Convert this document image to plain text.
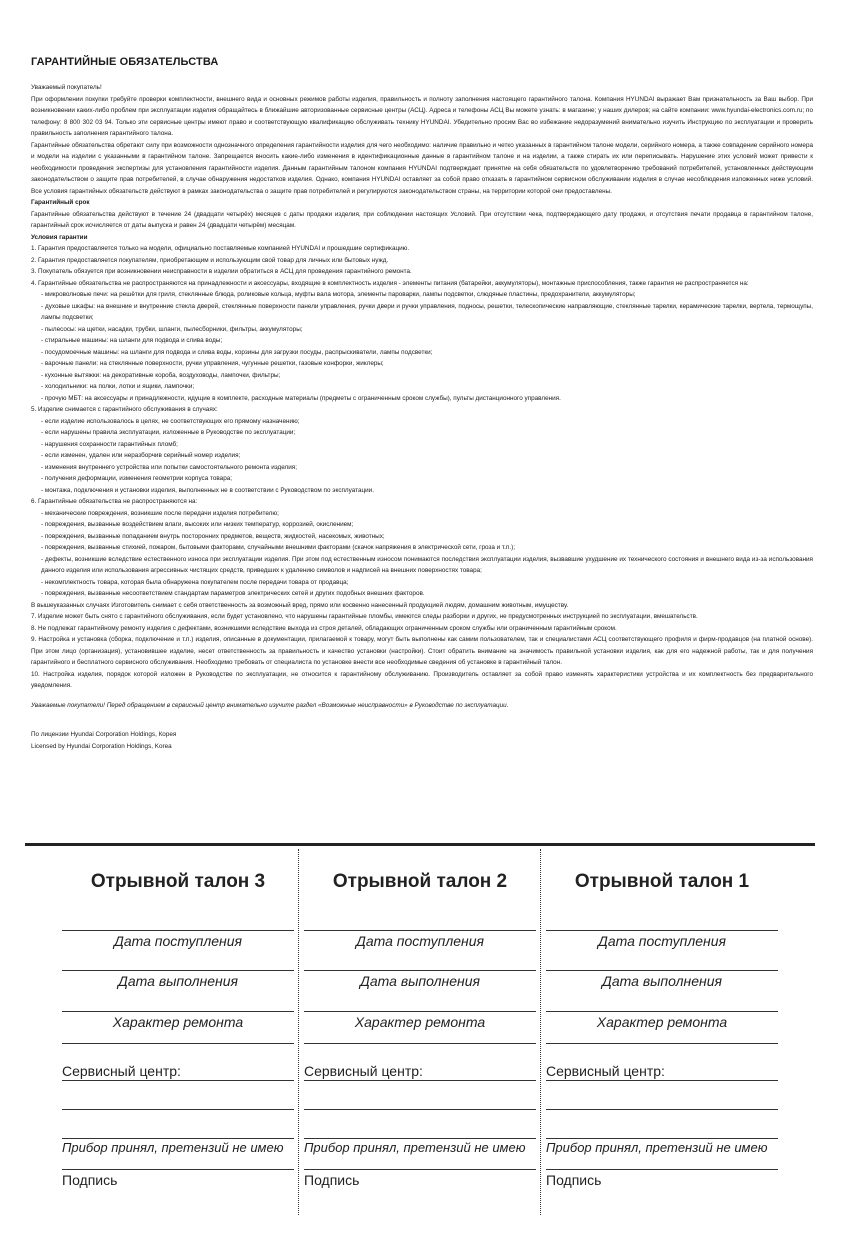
ГАРАНТИЙНЫЕ ОБЯЗАТЕЛЬСТВА

Уважаемый покупатель!

При оформлении покупки требуйте проверки комплектности, внешнего вида и основных режимов работы изделия, правильность и полноту заполнения настоящего гарантийного талона. Компания HYUNDAI выражает Вам признательность за Ваш выбор. При возникновении каких-либо проблем при эксплуатации изделия обращайтесь в ближайшие авторизованные сервисные центры (АСЦ). Адреса и телефоны АСЦ Вы можете узнать: в магазине; у наших дилеров; на сайте компании: www.hyundai-electronics.com.ru; по телефону: 8 800 302 03 94. Только эти сервисные центры имеют право и соответствующую квалификацию обслуживать технику HYUNDAI. Убедительно просим Вас во избежание недоразумений внимательно изучить Инструкцию по эксплуатации и проверить правильность заполнения гарантийного талона.

Гарантийные обязательства обретают силу при возможности однозначного определения гарантийности изделия для чего необходимо: наличие правильно и четко указанных в гарантийном талоне модели, серийного номера, а также совпадение серийного номера и модели на изделии с указанными в гарантийном талоне. Запрещается вносить какие-либо изменения в идентификационные данные в гарантийном талоне и на изделии, а также стирать их или переписывать. Нарушение этих условий может привести к необходимости проведения экспертизы для установления гарантийности изделия. Данным гарантийным талоном компания HYUNDAI подтверждает принятие на себя обязательств по удовлетворению требований потребителей, установленных действующим законодательством о защите прав потребителей, в случае обнаружения недостатков изделия. Однако, компания HYUNDAI оставляет за собой право отказать в гарантийном сервисном обслуживании изделия в случае несоблюдения изложенных ниже условий. Все условия гарантийных обязательств действуют в рамках законодательства о защите прав потребителей и регулируются законодательством страны, на территории которой они предоставлены.

Гарантийный срок

Гарантийные обязательства действуют в течение 24 (двадцати четырёх) месяцев с даты продажи изделия, при соблюдении настоящих Условий. При отсутствии чека, подтверждающего дату продажи, и отсутствия печати продавца в гарантийном талоне, гарантийный срок исчисляется от даты выпуска и равен 24 (двадцати четырём) месяцам.

Условия гарантии

1. Гарантия предоставляется только на модели, официально поставляемые компанией HYUNDAI и прошедшие сертификацию.

2. Гарантия предоставляется покупателям, приобретающим и использующим свой товар для личных или бытовых нужд.

3. Покупатель обязуется при возникновении неисправности в изделии обратиться в АСЦ для проведения гарантийного ремонта.

4. Гарантийные обязательства не распространяются на принадлежности и аксессуары, входящие в комплектность изделия - элементы питания (батарейки, аккумуляторы), монтажные приспособления, также гарантия не распространяется на:

- микроволновые печи: на решётки для гриля, стеклянные блюда, роликовые кольца, муфты вала мотора, элементы пароварки, лампы подсветки, слюдяные пластины, предохранители, аккумуляторы;

- духовые шкафы: на внешние и внутренние стекла дверей, стеклянные поверхности панели управления, ручки двери и ручки управления, подносы, решетки, телескопические направляющие, стеклянные тарелки, керамические тарелки, вертела, термощупы, лампы подсветки;

- пылесосы: на щетки, насадки, трубки, шланги, пылесборники, фильтры, аккумуляторы;

- стиральные машины: на шланги для подвода и слива воды;

- посудомоечные машины: на шланги для подвода и слива воды, корзины для загрузки посуды, распрыскиватели, лампы подсветки;

- варочные панели: на стеклянные поверхности, ручки управления, чугунные решетки, газовые конфорки, жиклеры;

- кухонные вытяжки: на декоративные короба, воздуховоды, лампочки, фильтры;

- холодильники: на полки, лотки и ящики, лампочки;

- прочую МБТ: на аксессуары и принадлежности, идущие в комплекте, расходные материалы (предметы с ограниченным сроком службы), пульты дистанционного управления.

5. Изделие снимается с гарантийного обслуживания в случаях:

- если изделие использовалось в целях, не соответствующих его прямому назначению;

- если нарушены правила эксплуатации, изложенные в Руководстве по эксплуатации;

- нарушения сохранности гарантийных пломб;

- если изменен, удален или неразборчив серийный номер изделия;

- изменения внутреннего устройства или попытки самостоятельного ремонта изделия;

- получения деформации, изменения геометрии корпуса товара;

- монтажа, подключения и установки изделия, выполненных не в соответствии с Руководством по эксплуатации.

6. Гарантийные обязательства не распространяются на:

- механические повреждения, возникшие после передачи изделия потребителю;

- повреждения, вызванные воздействием влаги, высоких или низких температур, коррозией, окислением;

- повреждения, вызванные попаданием внутрь посторонних предметов, веществ, жидкостей, насекомых, животных;

- повреждения, вызванные стихией, пожаром, бытовыми факторами, случайными внешними факторами (скачок напряжения в электрической сети, гроза и т.п.);

- дефекты, возникшие вследствие естественного износа при эксплуатации изделия. При этом под естественным износом понимаются последствия эксплуатации изделия, вызвавшие ухудшение их технического состояния и внешнего вида из-за использования данного изделия или использования агрессивных чистящих средств, приведших к удалению символов и надписей на внешних поверхностях товара;

- некомплектность товара, которая была обнаружена покупателем после передачи товара от продавца;

- повреждения, вызванные несоответствием стандартам параметров электрических сетей и других подобных внешних факторов.

В вышеуказанных случаях Изготовитель снимает с себя ответственность за возможный вред, прямо или косвенно нанесенный продукцией людям, домашним животным, имуществу.

7. Изделие может быть снято с гарантийного обслуживания, если будет установлено, что нарушены гарантийные пломбы, имеются следы разборки и других, не предусмотренных инструкцией по эксплуатации, вмешательств.

8. Не подлежат гарантийному ремонту изделия с дефектами, возникшими вследствие выхода из строя деталей, обладающих ограниченным сроком службы или ограниченным гарантийным сроком.

9. Настройка и установка (сборка, подключение и т.п.) изделия, описанные в документации, прилагаемой к товару, могут быть выполнены как самим пользователем, так и специалистами АСЦ соответствующего профиля и фирм-продавцов (на платной основе). При этом лицо (организация), установившее изделие, несет ответственность за правильность и качество установки (настройки). Стоит обратить внимание на значимость правильной установки изделия, как для его надежной работы, так и для получения гарантийного и бесплатного сервисного обслуживания. Необходимо требовать от специалиста по установке внести все необходимые сведения об установке в гарантийный талон.

10. Настройка изделия, порядок которой изложен в Руководстве по эксплуатации, не относится к гарантийному обслуживанию. Производитель оставляет за собой право изменять характеристики устройства и их комплектность без предварительного уведомления.

Уважаемые покупатели! Перед обращением в сервисный центр внимательно изучите раздел «Возможные неисправности» в Руководстве по эксплуатации.

По лицензии Hyundai Corporation Holdings, Корея

Licensed by Hyundai Corporation Holdings, Korea

Отрывной талон 3
Дата поступления
Дата выполнения
Характер ремонта
Сервисный центр:
Прибор принял, претензий не имею
Подпись
Отрывной талон 2
Дата поступления
Дата выполнения
Характер ремонта
Сервисный центр:
Прибор принял, претензий не имею
Подпись
Отрывной талон 1
Дата поступления
Дата выполнения
Характер ремонта
Сервисный центр:
Прибор принял, претензий не имею
Подпись
